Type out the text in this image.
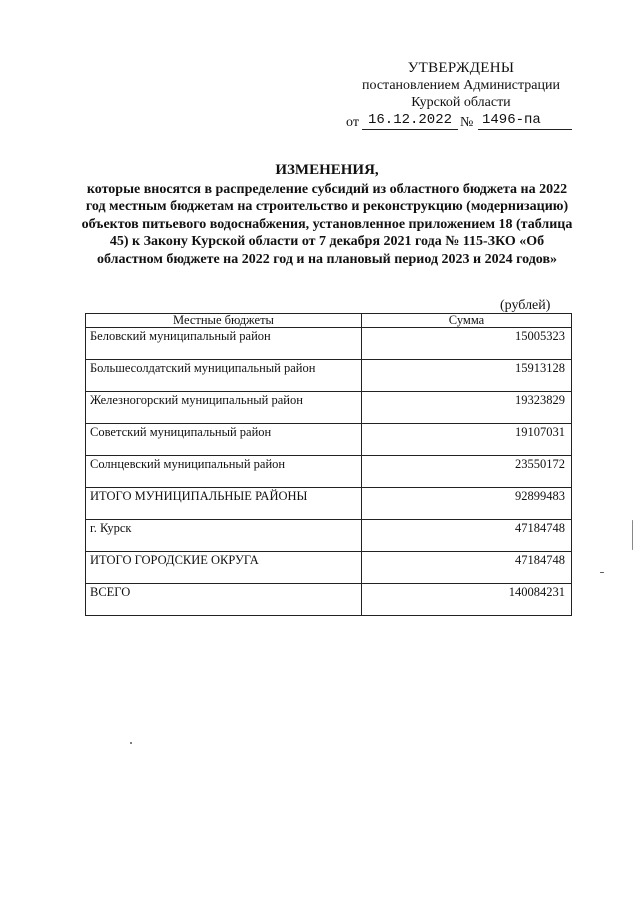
УТВЕРЖДЕНЫ
постановлением Администрации
Курской области
от 16.12.2022 № 1496-па
ИЗМЕНЕНИЯ,
которые вносятся в распределение субсидий из областного бюджета на 2022 год местным бюджетам на строительство и реконструкцию (модернизацию) объектов питьевого водоснабжения, установленное приложением 18 (таблица 45) к Закону Курской области от 7 декабря 2021 года № 115-ЗКО «Об областном бюджете на 2022 год и на плановый период 2023 и 2024 годов»
(рублей)
Местные бюджеты	Сумма
Беловский муниципальный район	15005323
Большесолдатский муниципальный район	15913128
Железногорский муниципальный район	19323829
Советский муниципальный район	19107031
Солнцевский муниципальный район	23550172
ИТОГО МУНИЦИПАЛЬНЫЕ РАЙОНЫ	92899483
г. Курск	47184748
ИТОГО ГОРОДСКИЕ ОКРУГА	47184748
ВСЕГО	140084231
